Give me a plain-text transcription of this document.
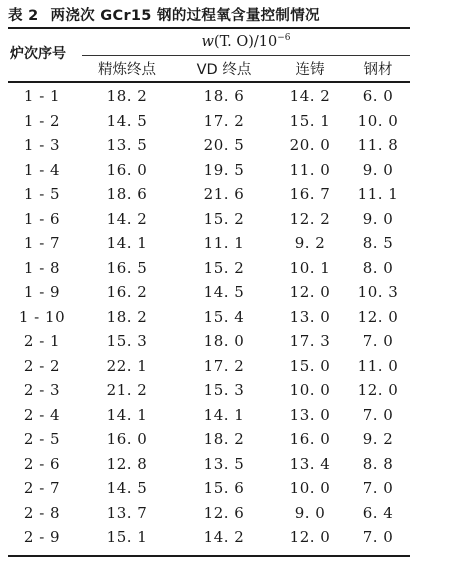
表 2 两浇次 GCr15 钢的过程氧含量控制情况
炉次序号
w(T. $O)/10^{-6}$
精炼终点	VD 终点	连铸	钢材
1 - 1	18. 2	18. 6	14. 2	6. 0
1 - 2	14. 5	17. 2	15. 1	10. 0
1 - 3	13. 5	20. 5	20. 0	11. 8
1 - 4	16. 0	19. 5	11. 0	9. 0
1 - 5	18. 6	21. 6	16. 7	11. 1
1 - 6	14. 2	15. 2	12. 2	9. 0
1 - 7	14. 1	11. 1	9. 2	8. 5
1 - 8	16. 5	15. 2	10. 1	8. 0
1 - 9	16. 2	14. 5	12. 0	10. 3
1 - 10	18. 2	15. 4	13. 0	12. 0
2 - 1	15. 3	18. 0	17. 3	7. 0
2 - 2	22. 1	17. 2	15. 0	11. 0
2 - 3	21. 2	15. 3	10. 0	12. 0
2 - 4	14. 1	14. 1	13. 0	7. 0
2 - 5	16. 0	18. 2	16. 0	9. 2
2 - 6	12. 8	13. 5	13. 4	8. 8
2 - 7	14. 5	15. 6	10. 0	7. 0
2 - 8	13. 7	12. 6	9. 0	6. 4
2 - 9	15. 1	14. 2	12. 0	7. 0
